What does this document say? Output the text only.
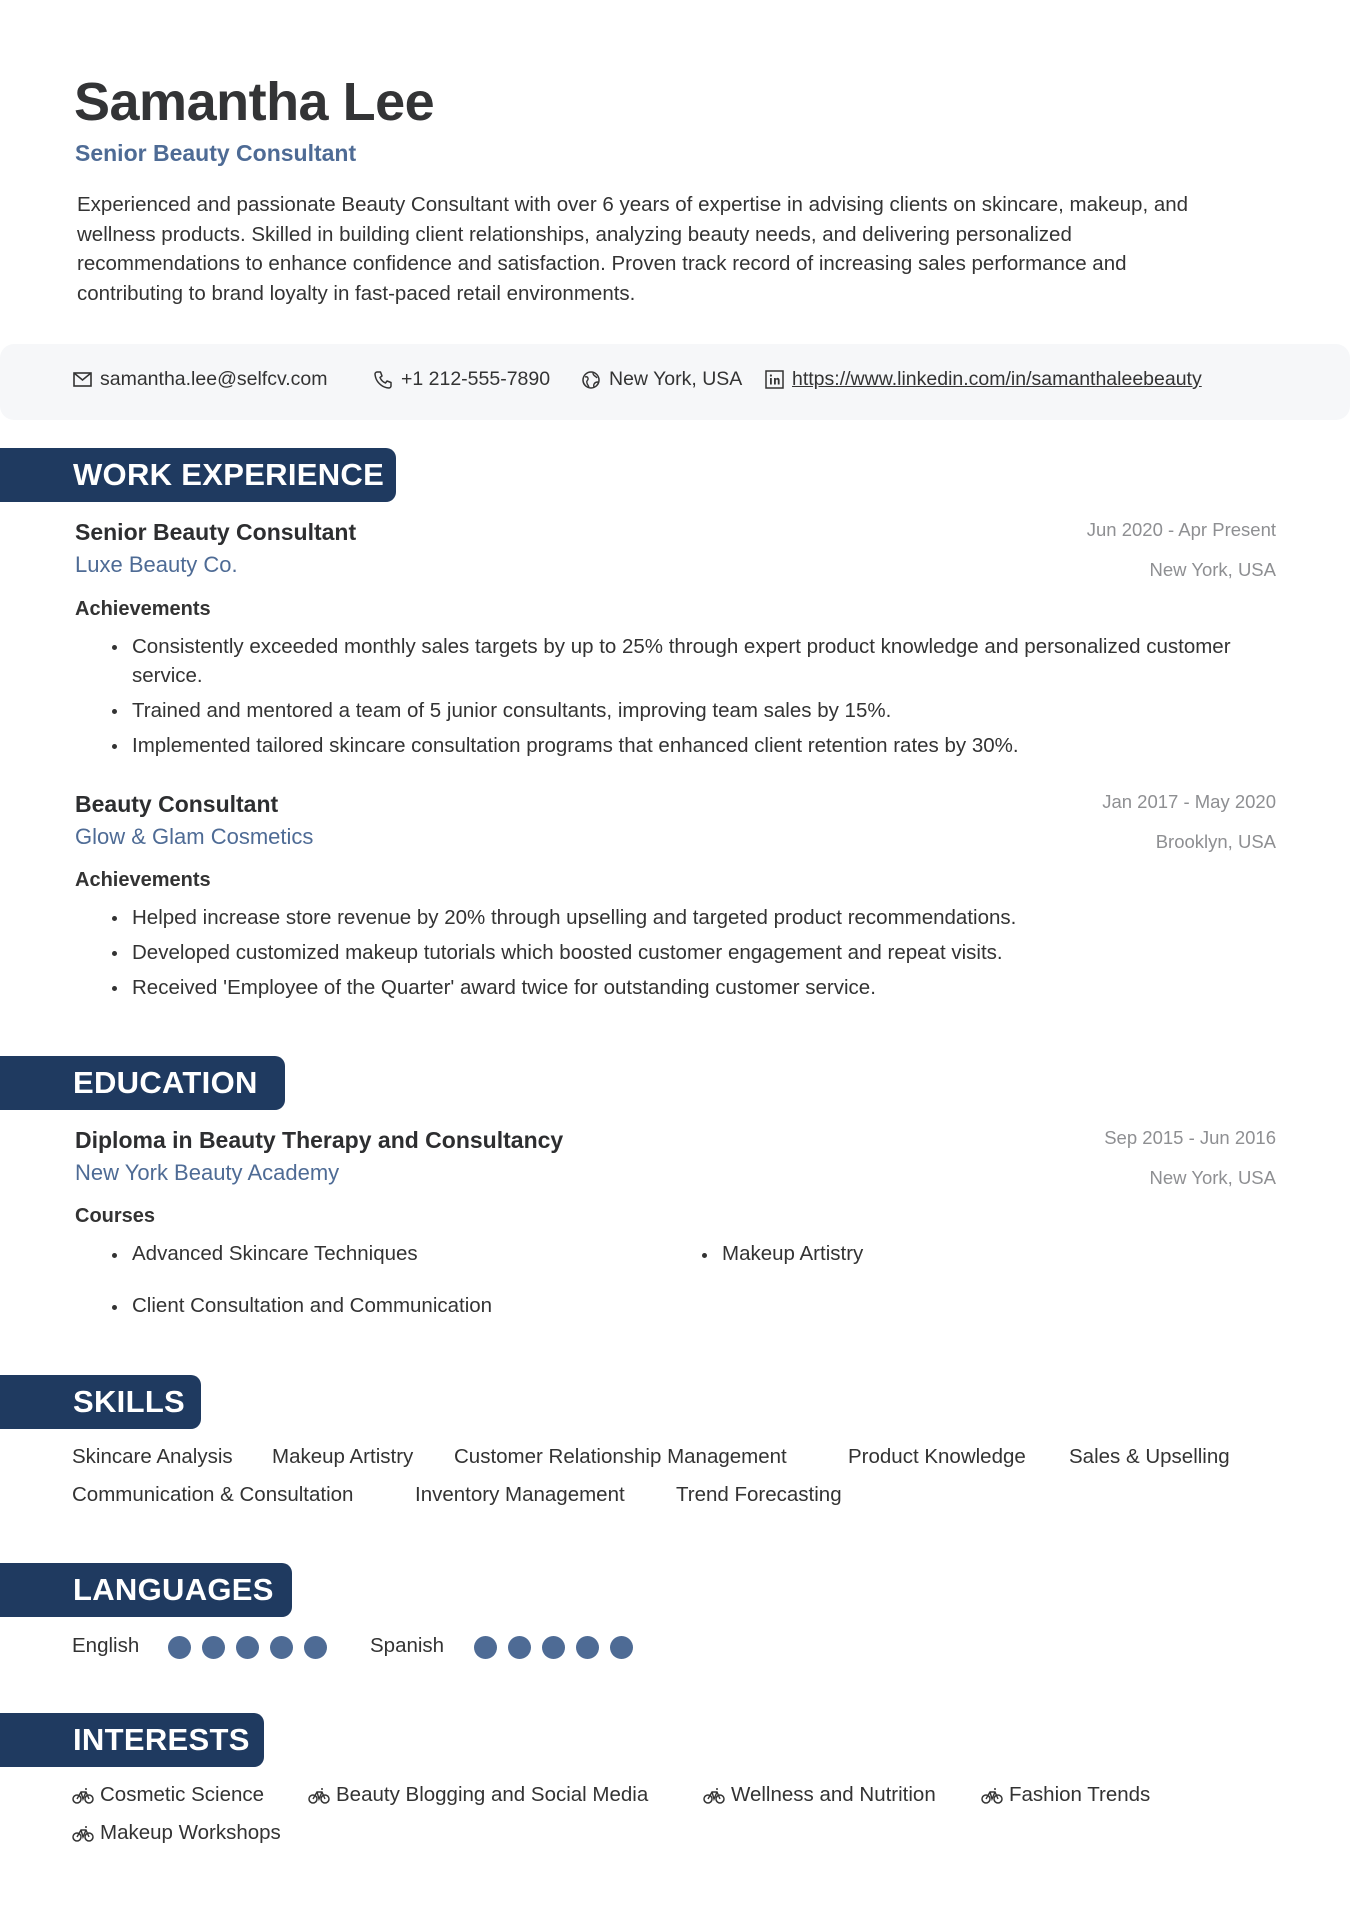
Samantha Lee
Senior Beauty Consultant
Experienced and passionate Beauty Consultant with over 6 years of expertise in advising clients on skincare, makeup, and wellness products. Skilled in building client relationships, analyzing beauty needs, and delivering personalized recommendations to enhance confidence and satisfaction. Proven track record of increasing sales performance and contributing to brand loyalty in fast-paced retail environments.
samantha.lee@selfcv.com	+1 212-555-7890	New York, USA	https://www.linkedin.com/in/samanthaleebeauty
WORK EXPERIENCE
Senior Beauty Consultant
Luxe Beauty Co.
Jun 2020 - Apr Present
New York, USA
Achievements
Consistently exceeded monthly sales targets by up to 25% through expert product knowledge and personalized customer service.
Trained and mentored a team of 5 junior consultants, improving team sales by 15%.
Implemented tailored skincare consultation programs that enhanced client retention rates by 30%.
Beauty Consultant
Glow & Glam Cosmetics
Jan 2017 - May 2020
Brooklyn, USA
Achievements
Helped increase store revenue by 20% through upselling and targeted product recommendations.
Developed customized makeup tutorials which boosted customer engagement and repeat visits.
Received 'Employee of the Quarter' award twice for outstanding customer service.
EDUCATION
Diploma in Beauty Therapy and Consultancy
New York Beauty Academy
Sep 2015 - Jun 2016
New York, USA
Courses
Advanced Skincare Techniques	Makeup Artistry
Client Consultation and Communication
SKILLS
Skincare Analysis Makeup Artistry Customer Relationship Management	Product Knowledge Sales & Upselling
Communication & Consultation	Inventory Management	Trend Forecasting
LANGUAGES
English	Spanish
INTERESTS
Cosmetic Science	Beauty Blogging and Social Media	Wellness and Nutrition	Fashion Trends
Makeup Workshops
